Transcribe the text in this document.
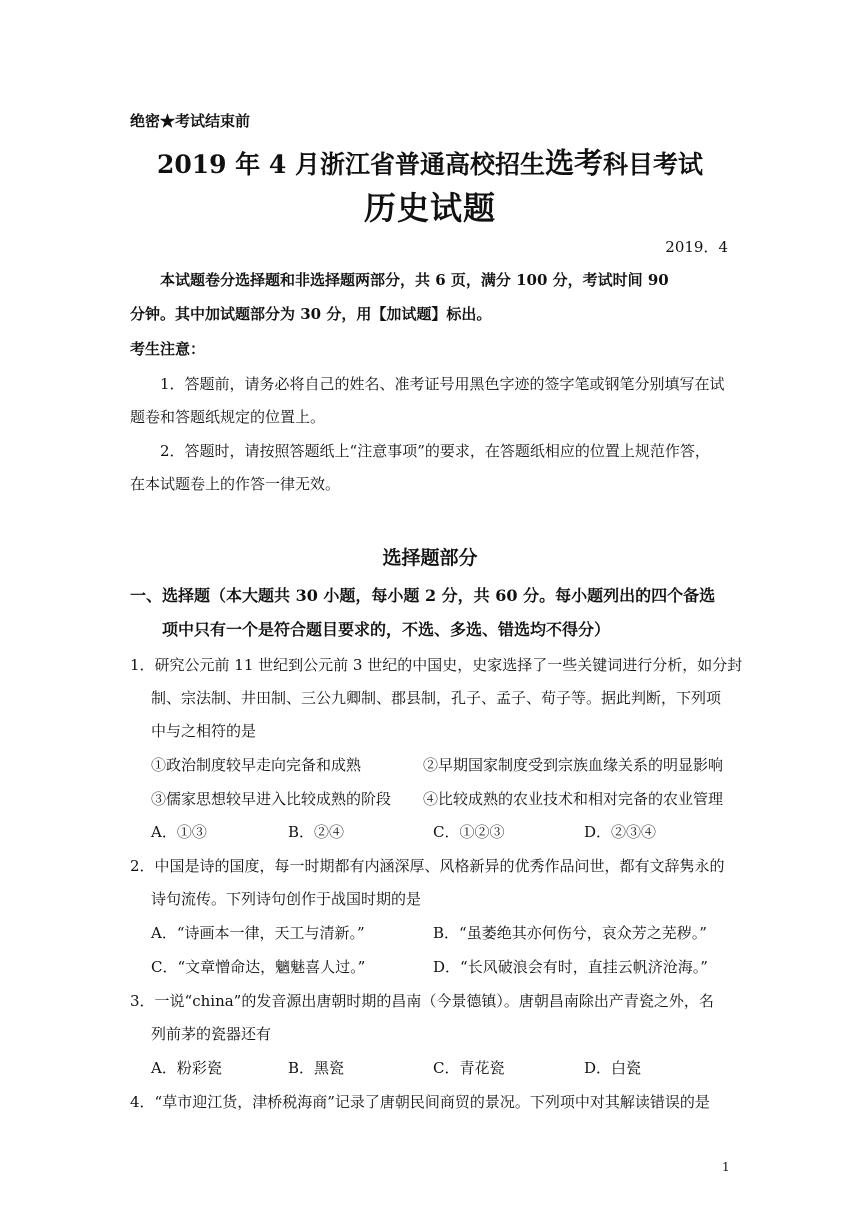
绝密★考试结束前
2019 年 4 月浙江省普通高校招生选考科目考试
历史试题
2019．4
本试题卷分选择题和非选择题两部分，共 6 页，满分 100 分，考试时间 90
分钟。其中加试题部分为 30 分，用【加试题】标出。
考生注意：
1．答题前，请务必将自己的姓名、准考证号用黑色字迹的签字笔或钢笔分别填写在试
题卷和答题纸规定的位置上。
2．答题时，请按照答题纸上“注意事项”的要求，在答题纸相应的位置上规范作答，
在本试题卷上的作答一律无效。
选择题部分
一、选择题（本大题共 30 小题，每小题 2 分，共 60 分。每小题列出的四个备选
项中只有一个是符合题目要求的，不选、多选、错选均不得分）
1．研究公元前 11 世纪到公元前 3 世纪的中国史，史家选择了一些关键词进行分析，如分封
制、宗法制、井田制、三公九卿制、郡县制，孔子、孟子、荀子等。据此判断，下列项
中与之相符的是
①政治制度较早走向完备和成熟	②早期国家制度受到宗族血缘关系的明显影响
③儒家思想较早进入比较成熟的阶段 ④比较成熟的农业技术和相对完备的农业管理
A．①③	B．②④	C．①②③	D．②③④
2．中国是诗的国度，每一时期都有内涵深厚、风格新异的优秀作品问世，都有文辞隽永的
诗句流传。下列诗句创作于战国时期的是
A．“诗画本一律，天工与清新。”	B．“虽萎绝其亦何伤兮，哀众芳之芜秽。”
C．“文章憎命达，魑魅喜人过。”	D．“长风破浪会有时，直挂云帆济沧海。”
3．一说“china”的发音源出唐朝时期的昌南（今景德镇）。唐朝昌南除出产青瓷之外，名
列前茅的瓷器还有
A．粉彩瓷	B．黑瓷	C．青花瓷	D．白瓷
4．“草市迎江货，津桥税海商”记录了唐朝民间商贸的景况。下列项中对其解读错误的是
1
